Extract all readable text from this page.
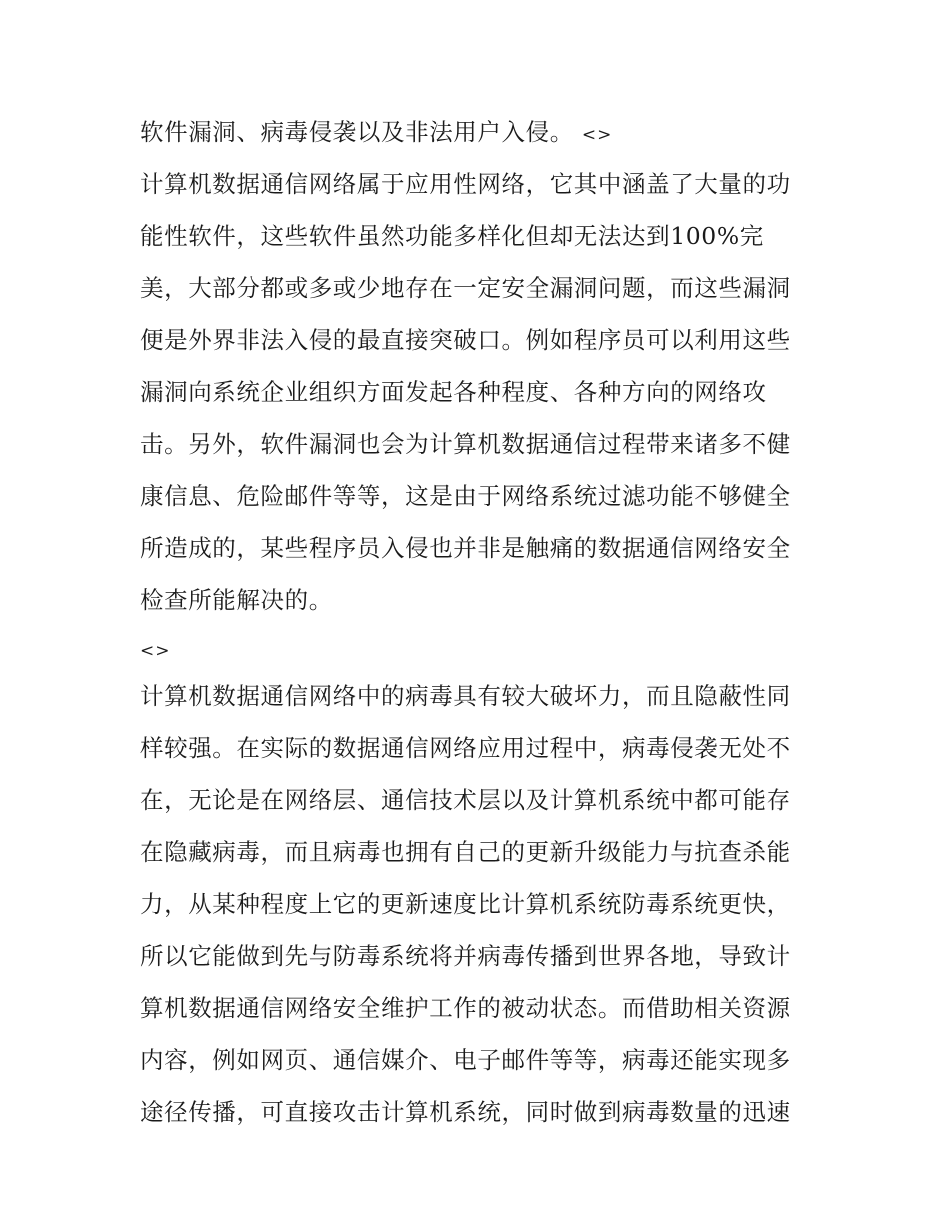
软件漏洞、病毒侵袭以及非法用户入侵。 <>
计算机数据通信网络属于应用性网络，它其中涵盖了大量的功
能性软件，这些软件虽然功能多样化但却无法达到100%完
美，大部分都或多或少地存在一定安全漏洞问题，而这些漏洞
便是外界非法入侵的最直接突破口。例如程序员可以利用这些
漏洞向系统企业组织方面发起各种程度、各种方向的网络攻
击。另外，软件漏洞也会为计算机数据通信过程带来诸多不健
康信息、危险邮件等等，这是由于网络系统过滤功能不够健全
所造成的，某些程序员入侵也并非是触痛的数据通信网络安全
检查所能解决的。
<>
计算机数据通信网络中的病毒具有较大破坏力，而且隐蔽性同
样较强。在实际的数据通信网络应用过程中，病毒侵袭无处不
在，无论是在网络层、通信技术层以及计算机系统中都可能存
在隐藏病毒，而且病毒也拥有自己的更新升级能力与抗查杀能
力，从某种程度上它的更新速度比计算机系统防毒系统更快，
所以它能做到先与防毒系统将并病毒传播到世界各地，导致计
算机数据通信网络安全维护工作的被动状态。而借助相关资源
内容，例如网页、通信媒介、电子邮件等等，病毒还能实现多
途径传播，可直接攻击计算机系统，同时做到病毒数量的迅速
